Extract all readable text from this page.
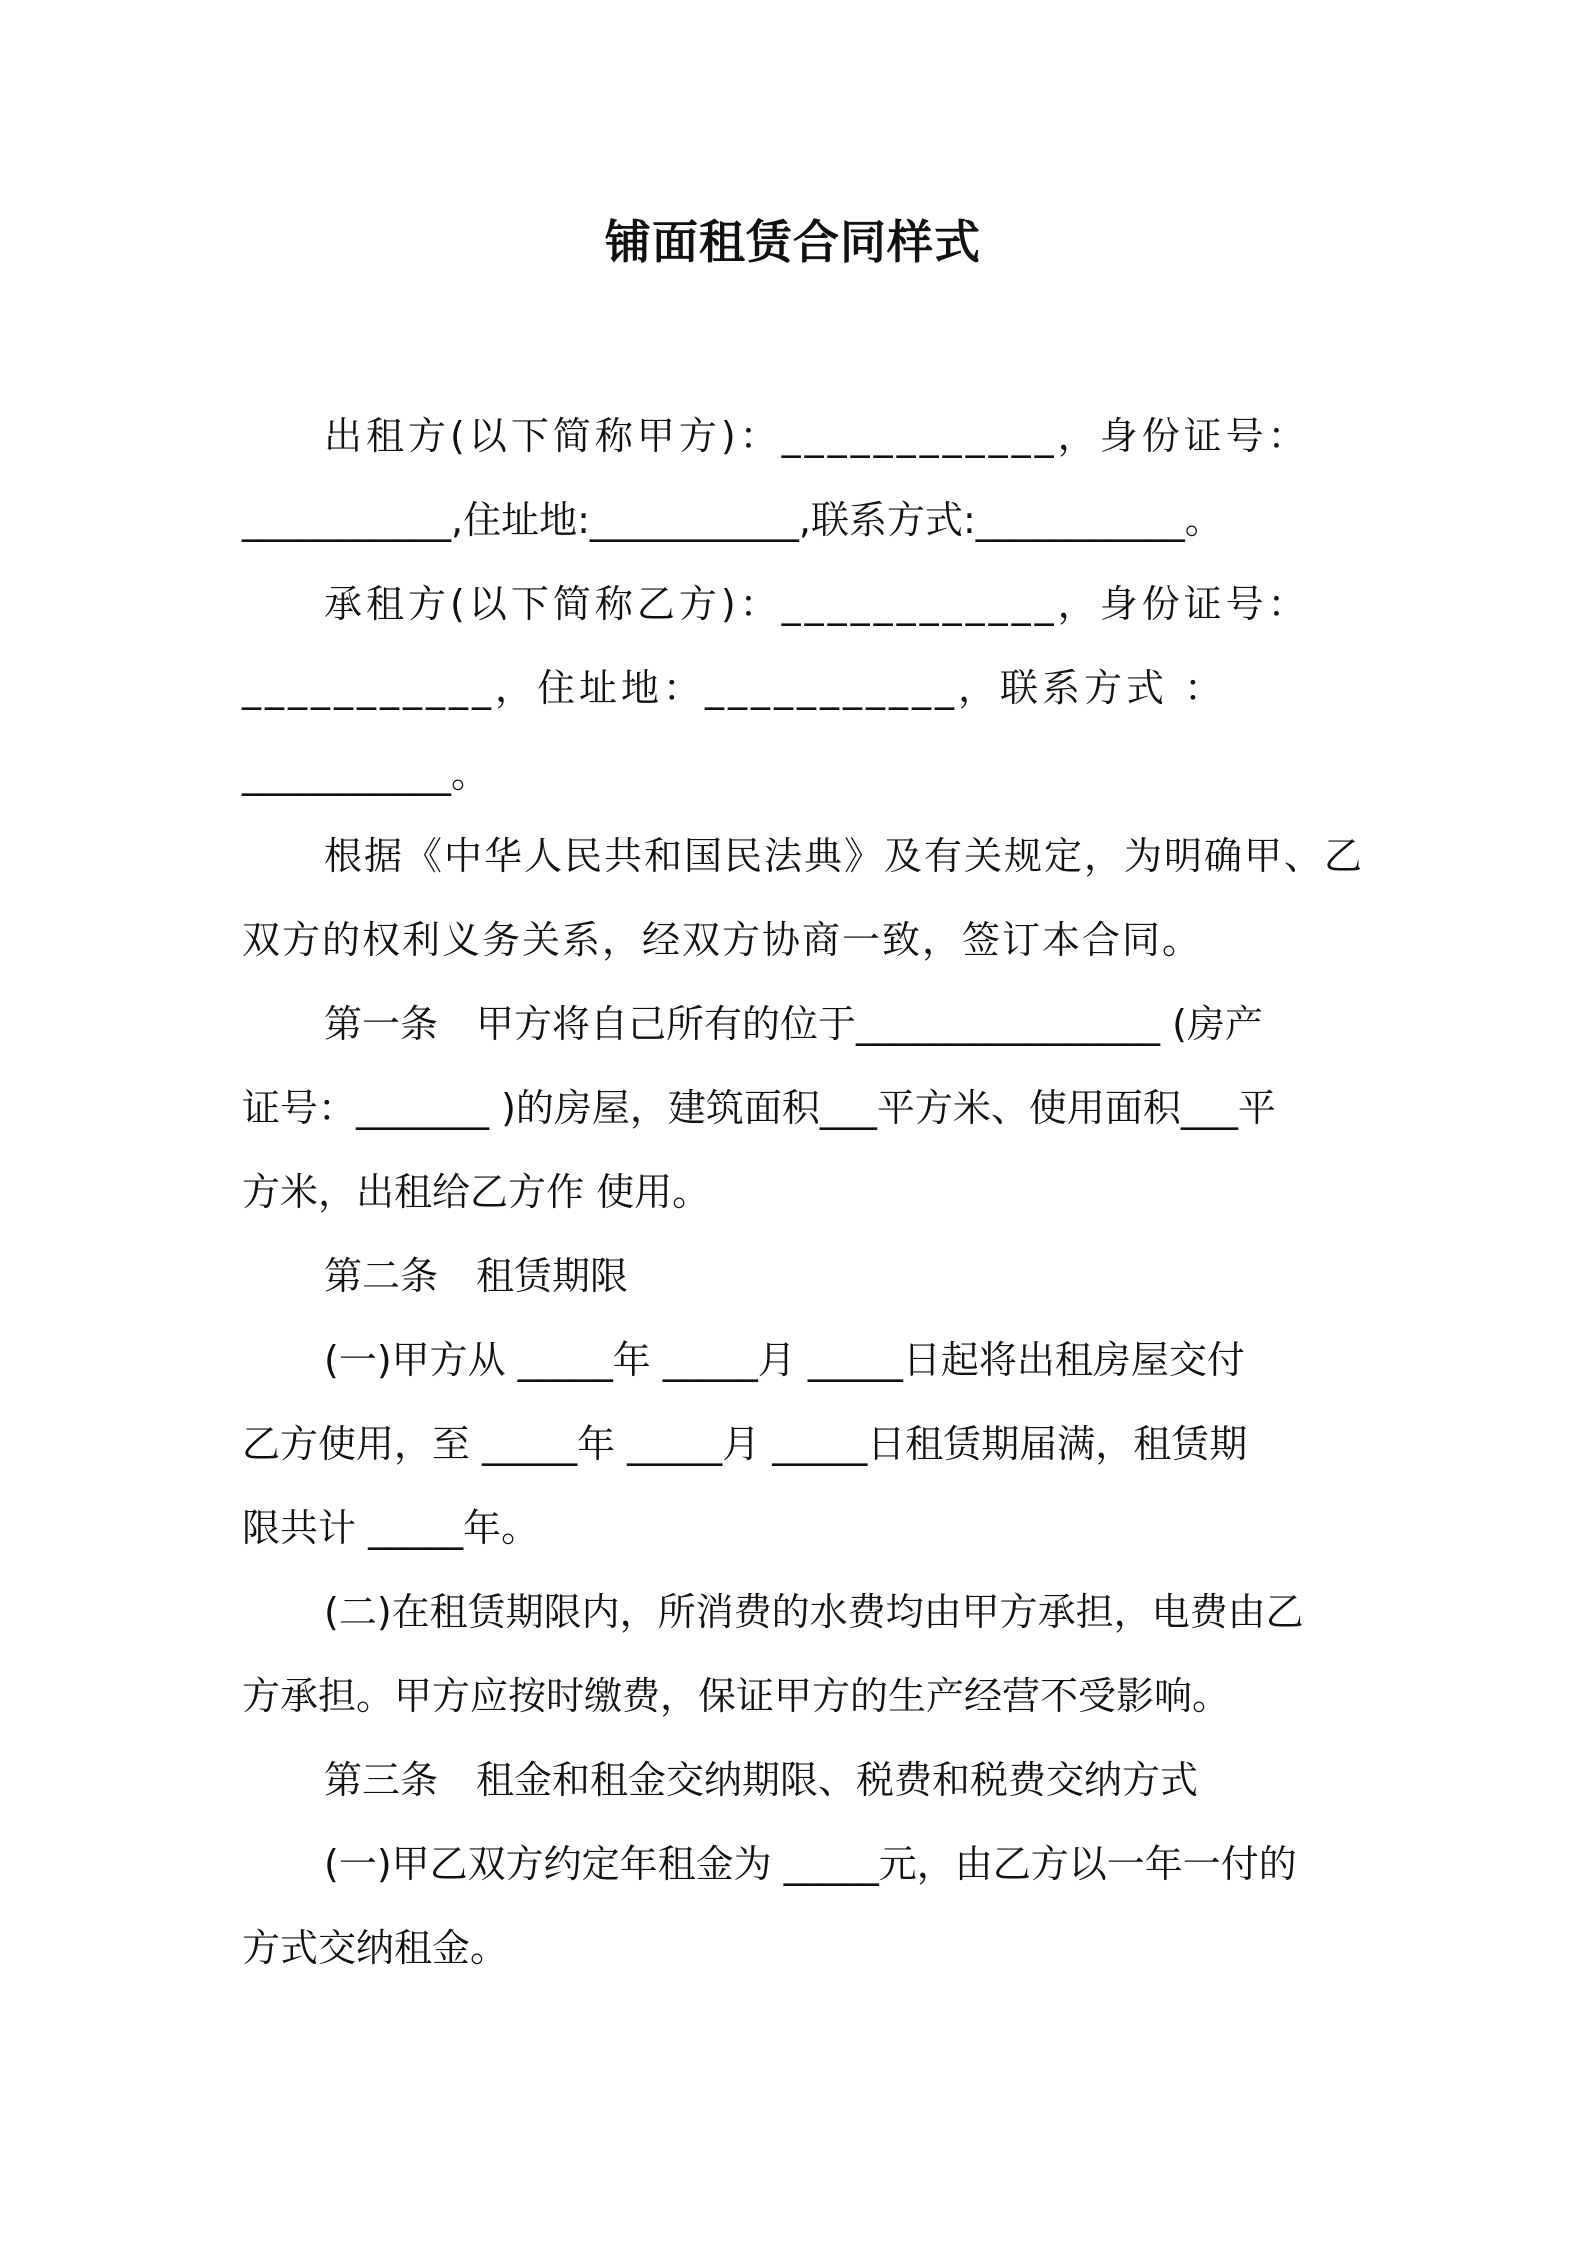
铺面租赁合同样式

出租方(以下简称甲方)：____________，身份证号：

___________,住址地:___________,联系方式:___________。

承租方(以下简称乙方)：____________，身份证号：

___________，住址地：___________，联系方式 ：

___________。

根据《中华人民共和国民法典》及有关规定，为明确甲、乙

双方的权利义务关系，经双方协商一致，签订本合同。

第一条　甲方将自己所有的位于________________ (房产

证号：_______ )的房屋，建筑面积___平方米、使用面积___平

方米，出租给乙方作 使用。

第二条　租赁期限

(一)甲方从 _____年 _____月 _____日起将出租房屋交付

乙方使用，至 _____年 _____月 _____日租赁期届满，租赁期

限共计 _____年。

(二)在租赁期限内，所消费的水费均由甲方承担，电费由乙

方承担。甲方应按时缴费，保证甲方的生产经营不受影响。

第三条　租金和租金交纳期限、税费和税费交纳方式

(一)甲乙双方约定年租金为 _____元，由乙方以一年一付的

方式交纳租金。
